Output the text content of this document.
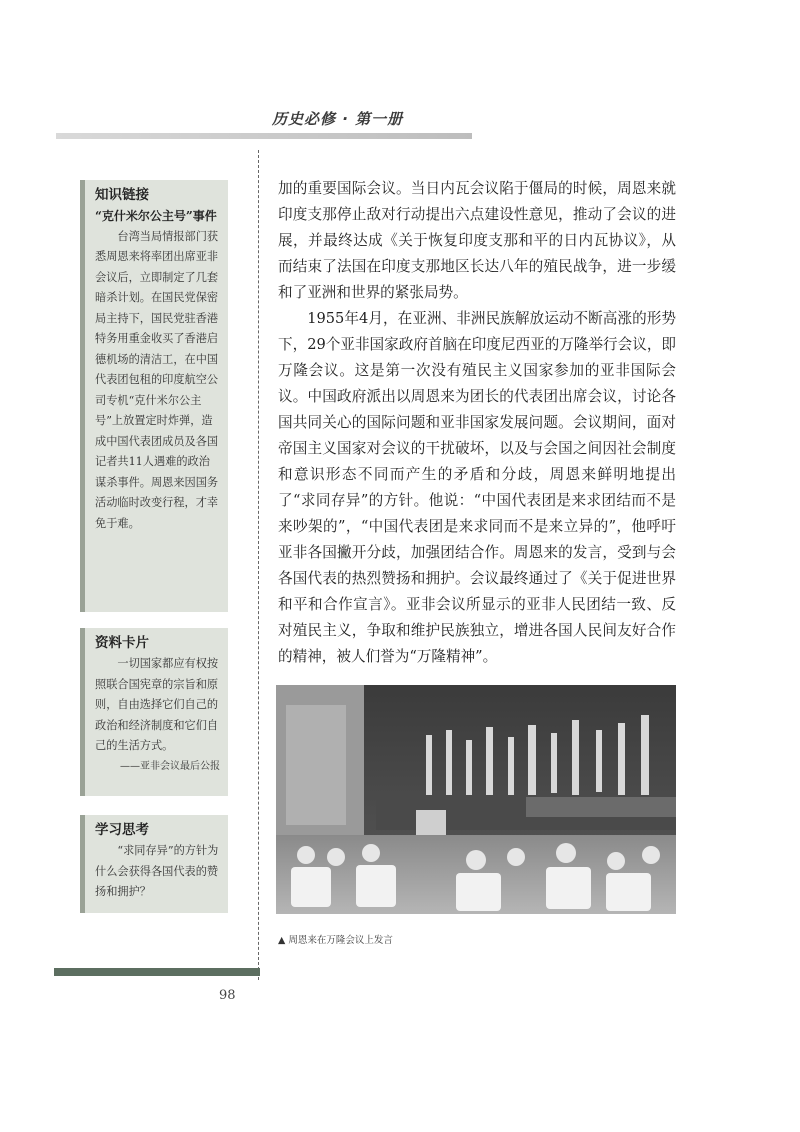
历史必修 · 第一册
知识链接
“克什米尔公主号”事件
台湾当局情报部门获悉周恩来将率团出席亚非会议后，立即制定了几套暗杀计划。在国民党保密局主持下，国民党驻香港特务用重金收买了香港启德机场的清洁工，在中国代表团包租的印度航空公司专机“克什米尔公主号”上放置定时炸弹，造成中国代表团成员及各国记者共11人遇难的政治谋杀事件。周恩来因国务活动临时改变行程，才幸免于难。
资料卡片
一切国家都应有权按照联合国宪章的宗旨和原则，自由选择它们自己的政治和经济制度和它们自己的生活方式。
——亚非会议最后公报
学习思考
“求同存异”的方针为什么会获得各国代表的赞扬和拥护？
98

加的重要国际会议。当日内瓦会议陷于僵局的时候，周恩来就印度支那停止敌对行动提出六点建设性意见，推动了会议的进展，并最终达成《关于恢复印度支那和平的日内瓦协议》，从而结束了法国在印度支那地区长达八年的殖民战争，进一步缓和了亚洲和世界的紧张局势。

1955年4月，在亚洲、非洲民族解放运动不断高涨的形势下，29个亚非国家政府首脑在印度尼西亚的万隆举行会议，即万隆会议。这是第一次没有殖民主义国家参加的亚非国际会议。中国政府派出以周恩来为团长的代表团出席会议，讨论各国共同关心的国际问题和亚非国家发展问题。会议期间，面对帝国主义国家对会议的干扰破坏，以及与会国之间因社会制度和意识形态不同而产生的矛盾和分歧，周恩来鲜明地提出了“求同存异”的方针。他说：“中国代表团是来求团结而不是来吵架的”，“中国代表团是来求同而不是来立异的”，他呼吁亚非各国撇开分歧，加强团结合作。周恩来的发言，受到与会各国代表的热烈赞扬和拥护。会议最终通过了《关于促进世界和平和合作宣言》。亚非会议所显示的亚非人民团结一致、反对殖民主义，争取和维护民族独立，增进各国人民间友好合作的精神，被人们誉为“万隆精神”。

▲ 周恩来在万隆会议上发言
